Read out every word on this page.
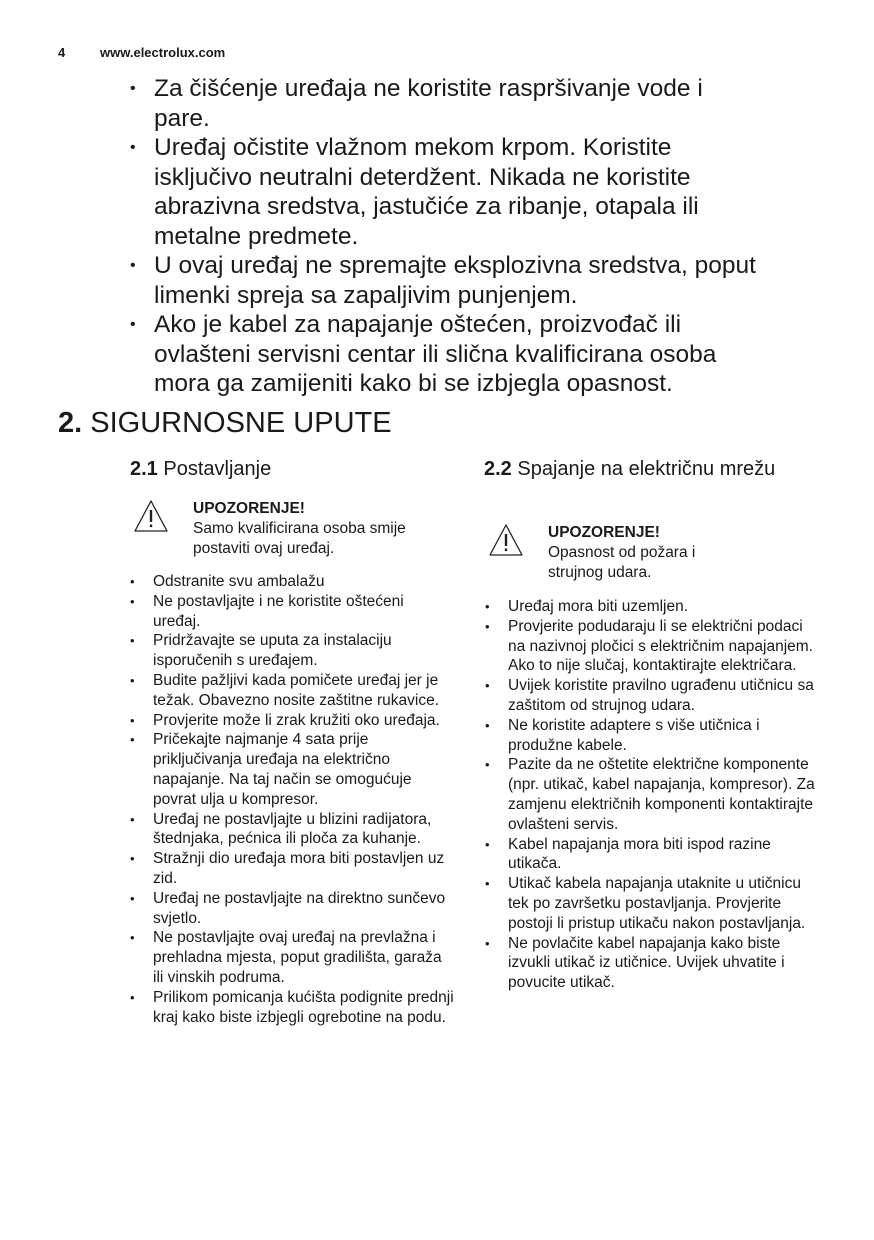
4	www.electrolux.com
• Za čišćenje uređaja ne koristite raspršivanje vode i pare.
• Uređaj očistite vlažnom mekom krpom. Koristite isključivo neutralni deterdžent. Nikada ne koristite abrazivna sredstva, jastučiće za ribanje, otapala ili metalne predmete.
• U ovaj uređaj ne spremajte eksplozivna sredstva, poput limenki spreja sa zapaljivim punjenjem.
• Ako je kabel za napajanje oštećen, proizvođač ili ovlašteni servisni centar ili slična kvalificirana osoba mora ga zamijeniti kako bi se izbjegla opasnost.
2. SIGURNOSNE UPUTE
2.1 Postavljanje	2.2 Spajanje na električnu mrežu
UPOZORENJE!
Samo kvalificirana osoba smije postaviti ovaj uređaj.
UPOZORENJE!
Opasnost od požara i strujnog udara.
• Odstranite svu ambalažu
• Ne postavljajte i ne koristite oštećeni uređaj.
• Pridržavajte se uputa za instalaciju isporučenih s uređajem.
• Budite pažljivi kada pomičete uređaj jer je težak. Obavezno nosite zaštitne rukavice.
• Provjerite može li zrak kružiti oko uređaja.
• Pričekajte najmanje 4 sata prije priključivanja uređaja na električno napajanje. Na taj način se omogućuje povrat ulja u kompresor.
• Uređaj ne postavljajte u blizini radijatora, štednjaka, pećnica ili ploča za kuhanje.
• Stražnji dio uređaja mora biti postavljen uz zid.
• Uređaj ne postavljajte na direktno sunčevo svjetlo.
• Ne postavljajte ovaj uređaj na prevlažna i prehladna mjesta, poput gradilišta, garaža ili vinskih podruma.
• Prilikom pomicanja kućišta podignite prednji kraj kako biste izbjegli ogrebotine na podu.
• Uređaj mora biti uzemljen.
• Provjerite podudaraju li se električni podaci na nazivnoj pločici s električnim napajanjem. Ako to nije slučaj, kontaktirajte električara.
• Uvijek koristite pravilno ugrađenu utičnicu sa zaštitom od strujnog udara.
• Ne koristite adaptere s više utičnica i produžne kabele.
• Pazite da ne oštetite električne komponente (npr. utikač, kabel napajanja, kompresor). Za zamjenu električnih komponenti kontaktirajte ovlašteni servis.
• Kabel napajanja mora biti ispod razine utikača.
• Utikač kabela napajanja utaknite u utičnicu tek po završetku postavljanja. Provjerite postoji li pristup utikaču nakon postavljanja.
• Ne povlačite kabel napajanja kako biste izvukli utikač iz utičnice. Uvijek uhvatite i povucite utikač.
